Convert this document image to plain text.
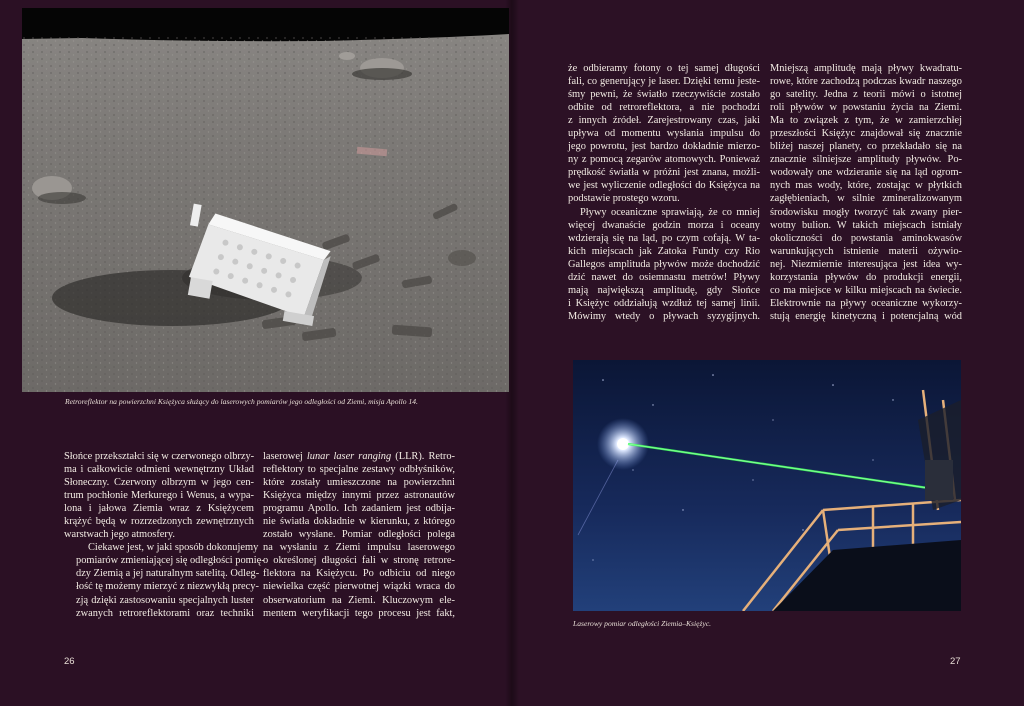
Retroreflektor na powierzchni Księżyca służący do laserowych pomiarów jego odległości od Ziemi, misja Apollo 14.

Słońce przekształci się w czerwonego olbrzy-
ma i całkowicie odmieni wewnętrzny Układ
Słoneczny. Czerwony olbrzym w jego cen-
trum pochłonie Merkurego i Wenus, a wypa-
lona i jałowa Ziemia wraz z Księżycem
krążyć będą w rozrzedzonych zewnętrznych
warstwach jego atmosfery.

Ciekawe jest, w jaki sposób dokonujemy
pomiarów zmieniającej się odległości pomię-
dzy Ziemią a jej naturalnym satelitą. Odleg-
łość tę możemy mierzyć z niezwykłą precy-
zją dzięki zastosowaniu specjalnych luster
zwanych retroreflektorami oraz techniki

laserowej lunar laser ranging (LLR). Retro-
reflektory to specjalne zestawy odbłyśników,
które zostały umieszczone na powierzchni
Księżyca między innymi przez astronautów
programu Apollo. Ich zadaniem jest odbija-
nie światła dokładnie w kierunku, z którego
zostało wysłane. Pomiar odległości polega
na wysłaniu z Ziemi impulsu laserowego
o określonej długości fali w stronę retrore-
flektora na Księżycu. Po odbiciu od niego
niewielka część pierwotnej wiązki wraca do
obserwatorium na Ziemi. Kluczowym ele-
mentem weryfikacji tego procesu jest fakt,

że odbieramy fotony o tej samej długości
fali, co generujący je laser. Dzięki temu jeste-
śmy pewni, że światło rzeczywiście zostało
odbite od retroreflektora, a nie pochodzi
z innych źródeł. Zarejestrowany czas, jaki
upływa od momentu wysłania impulsu do
jego powrotu, jest bardzo dokładnie mierzo-
ny z pomocą zegarów atomowych. Ponieważ
prędkość światła w próżni jest znana, możli-
we jest wyliczenie odległości do Księżyca na
podstawie prostego wzoru.

Pływy oceaniczne sprawiają, że co mniej
więcej dwanaście godzin morza i oceany
wdzierają się na ląd, po czym cofają. W ta-
kich miejscach jak Zatoka Fundy czy Rio
Gallegos amplituda pływów może dochodzić
dzić nawet do osiemnastu metrów! Pływy
mają największą amplitudę, gdy Słońce
i Księżyc oddziałują wzdłuż tej samej linii.
Mówimy wtedy o pływach syzygijnych.

Mniejszą amplitudę mają pływy kwadratu-
rowe, które zachodzą podczas kwadr naszego
go satelity. Jedna z teorii mówi o istotnej
roli pływów w powstaniu życia na Ziemi.
Ma to związek z tym, że w zamierzchłej
przeszłości Księżyc znajdował się znacznie
bliżej naszej planety, co przekładało się na
znacznie silniejsze amplitudy pływów. Po-
wodowały one wdzieranie się na ląd ogrom-
nych mas wody, które, zostając w płytkich
zagłębieniach, w silnie zmineralizowanym
środowisku mogły tworzyć tak zwany pier-
wotny bulion. W takich miejscach istniały
okoliczności do powstania aminokwasów
warunkujących istnienie materii ożywio-
nej. Niezmiernie interesująca jest idea wy-
korzystania pływów do produkcji energii,
co ma miejsce w kilku miejscach na świecie.
Elektrownie na pływy oceaniczne wykorzy-
stują energię kinetyczną i potencjalną wód
Laserowy pomiar odległości Ziemia–Księżyc.
26	27
